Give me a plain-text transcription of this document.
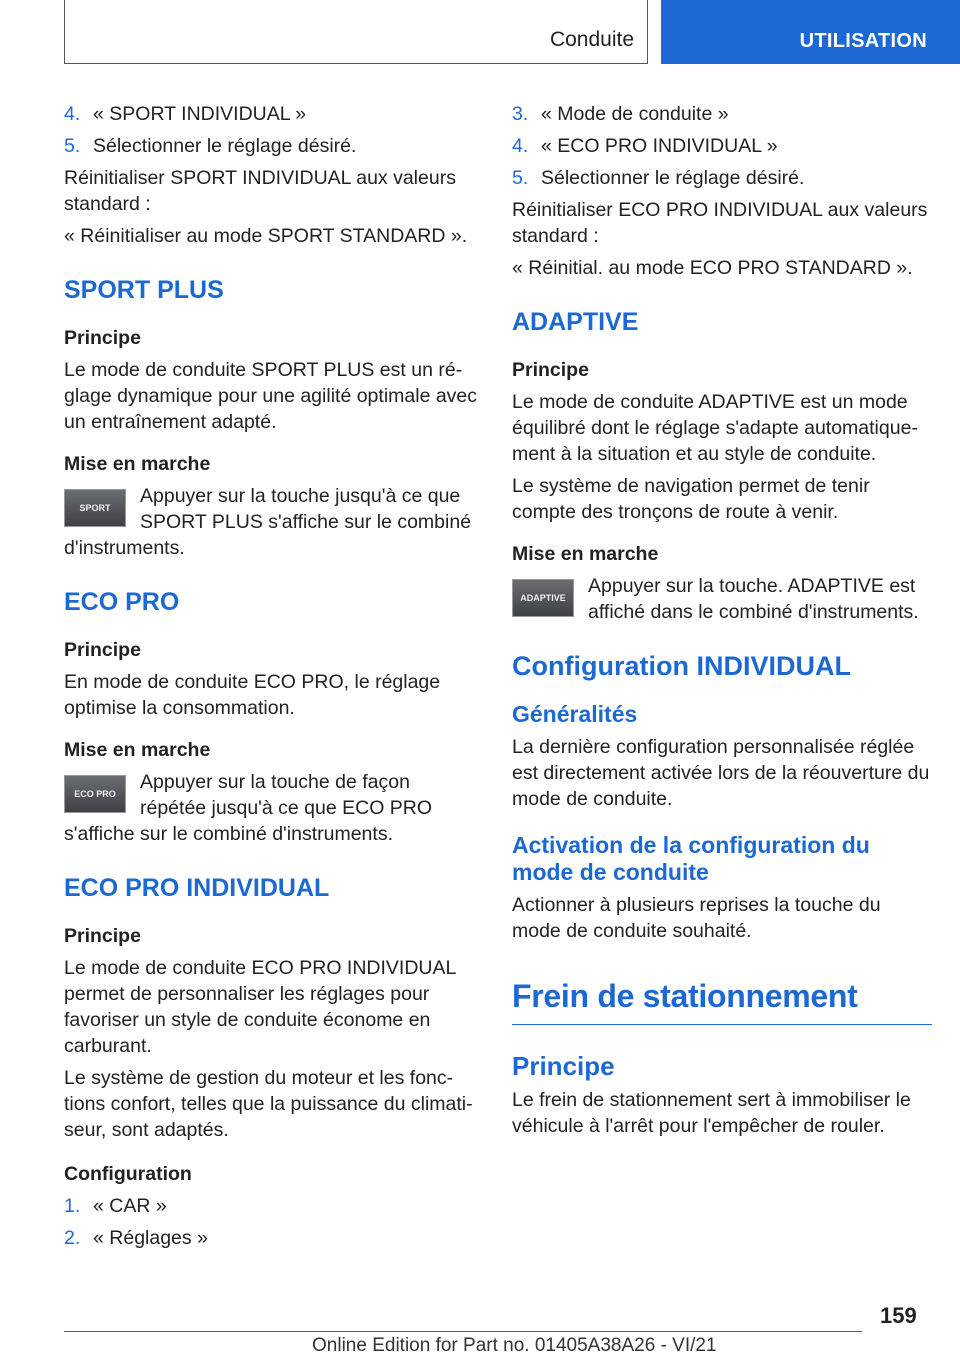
Conduite	UTILISATION
4. « SPORT INDIVIDUAL »
5. Sélectionner le réglage désiré.

Réinitialiser SPORT INDIVIDUAL aux valeurs standard :

« Réinitialiser au mode SPORT STANDARD ».

SPORT PLUS
Principe

Le mode de conduite SPORT PLUS est un réglage dynamique pour une agilité optimale avec un entraînement adapté.

Mise en marche
SPORT
Appuyer sur la touche jusqu'à ce que SPORT PLUS s'affiche sur le combiné d'instruments.
ECO PRO
Principe

En mode de conduite ECO PRO, le réglage optimise la consommation.

Mise en marche
ECO PRO
Appuyer sur la touche de façon répétée jusqu'à ce que ECO PRO s'affiche sur le combiné d'instruments.
ECO PRO INDIVIDUAL
Principe

Le mode de conduite ECO PRO INDIVIDUAL permet de personnaliser les réglages pour favoriser un style de conduite économe en carburant.

Le système de gestion du moteur et les fonctions confort, telles que la puissance du climatiseur, sont adaptés.

Configuration
1. « CAR »
2. « Réglages »
3. « Mode de conduite »
4. « ECO PRO INDIVIDUAL »
5. Sélectionner le réglage désiré.

Réinitialiser ECO PRO INDIVIDUAL aux valeurs standard :

« Réinitial. au mode ECO PRO STANDARD ».

ADAPTIVE
Principe

Le mode de conduite ADAPTIVE est un mode équilibré dont le réglage s'adapte automatiquement à la situation et au style de conduite.

Le système de navigation permet de tenir compte des tronçons de route à venir.

Mise en marche
ADAPTIVE
Appuyer sur la touche. ADAPTIVE est affiché dans le combiné d'instruments.
Configuration INDIVIDUAL
Généralités

La dernière configuration personnalisée réglée est directement activée lors de la réouverture du mode de conduite.

Activation de la configuration du mode de conduite

Actionner à plusieurs reprises la touche du mode de conduite souhaité.

Frein de stationnement
Principe

Le frein de stationnement sert à immobiliser le véhicule à l'arrêt pour l'empêcher de rouler.

159
Online Edition for Part no. 01405A38A26 - VI/21
